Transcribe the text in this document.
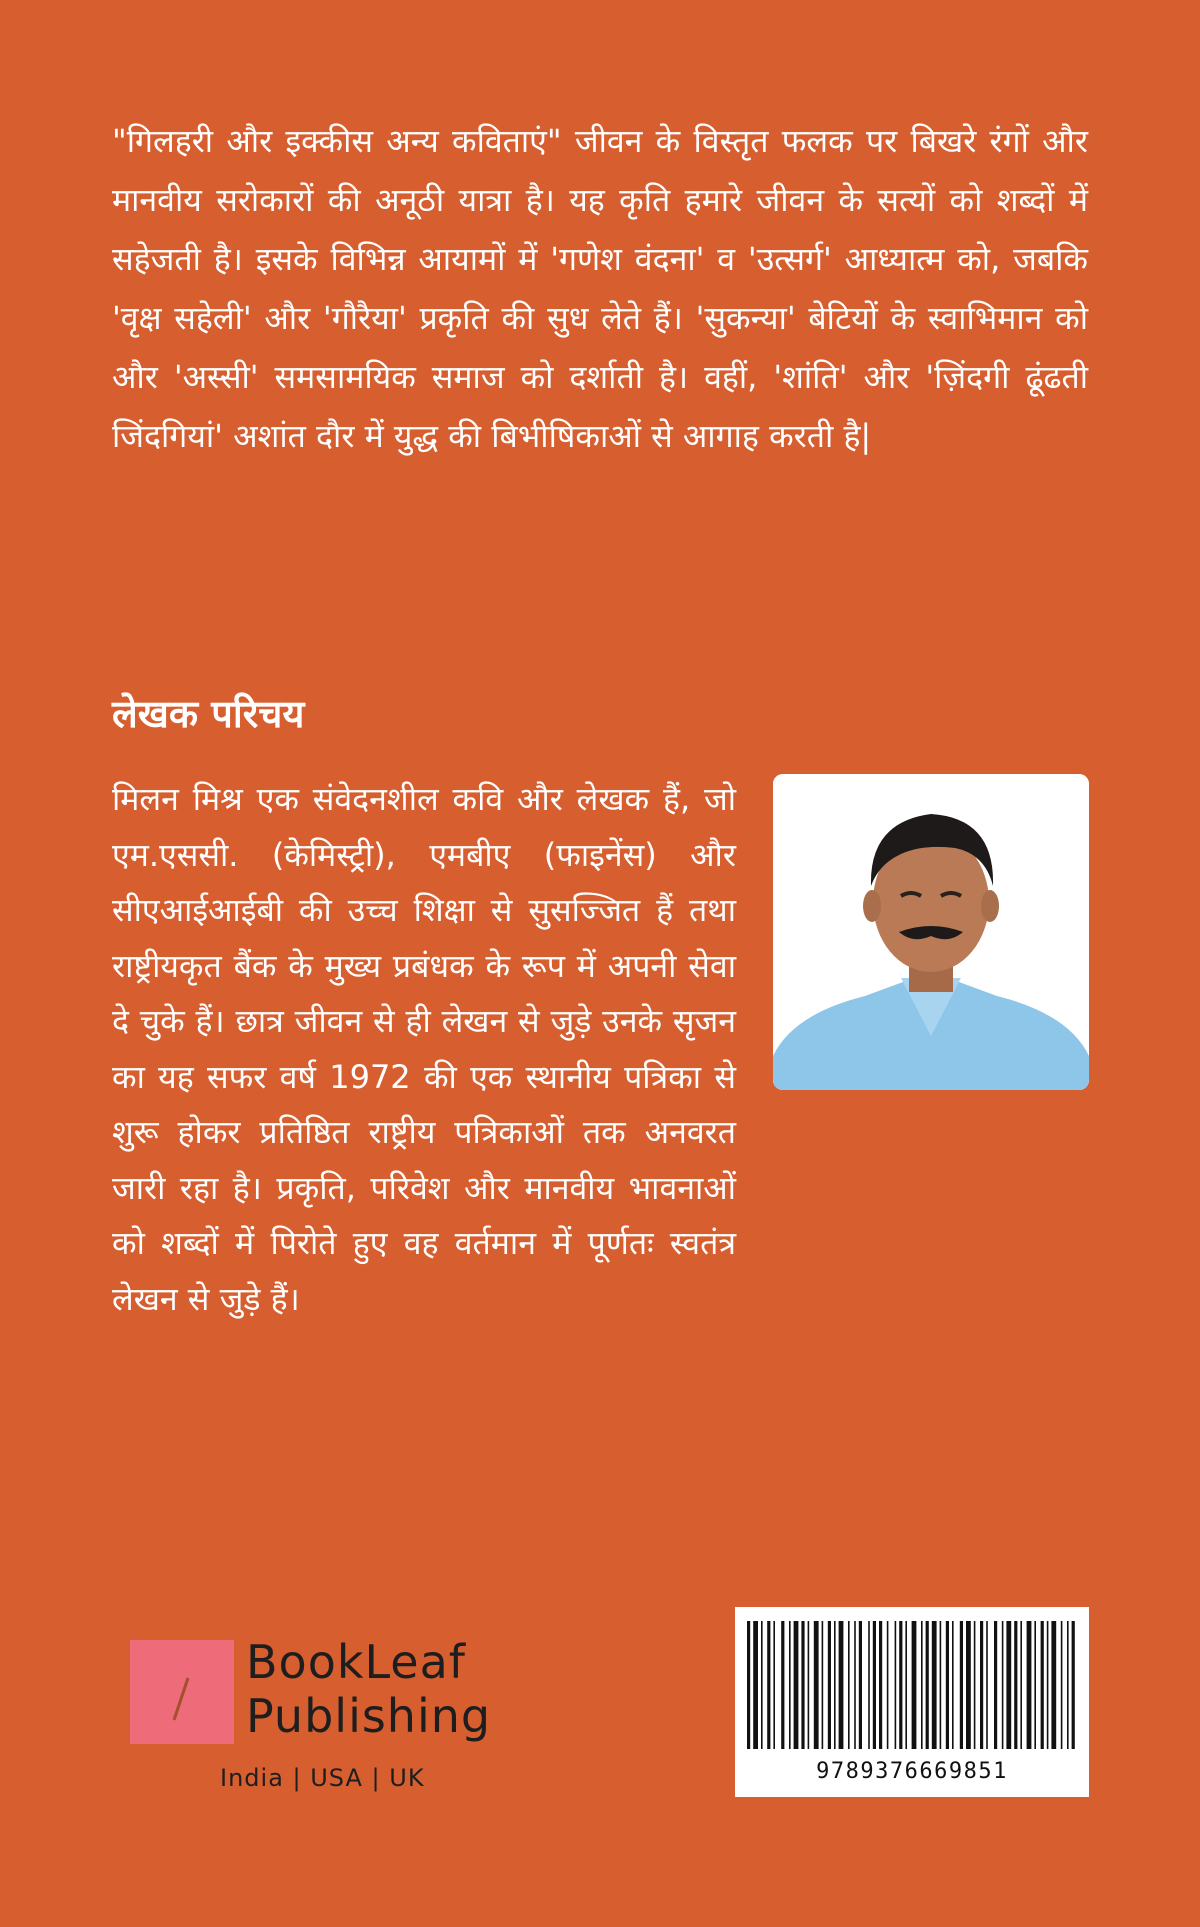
"गिलहरी और इक्कीस अन्य कविताएं" जीवन के विस्तृत फलक पर बिखरे रंगों और मानवीय सरोकारों की अनूठी यात्रा है। यह कृति हमारे जीवन के सत्यों को शब्दों में सहेजती है। इसके विभिन्न आयामों में 'गणेश वंदना' व 'उत्सर्ग' आध्यात्म को, जबकि 'वृक्ष सहेली' और 'गौरैया' प्रकृति की सुध लेते हैं। 'सुकन्या' बेटियों के स्वाभिमान को और 'अस्सी' समसामयिक समाज को दर्शाती है। वहीं, 'शांति' और 'ज़िंदगी ढूंढती जिंदगियां' अशांत दौर में युद्ध की बिभीषिकाओं से आगाह करती है|

लेखक परिचय

मिलन मिश्र एक संवेदनशील कवि और लेखक हैं, जो एम.एससी. (केमिस्ट्री), एमबीए (फाइनेंस) और सीएआईआईबी की उच्च शिक्षा से सुसज्जित हैं तथा राष्ट्रीयकृत बैंक के मुख्य प्रबंधक के रूप में अपनी सेवा दे चुके हैं। छात्र जीवन से ही लेखन से जुड़े उनके सृजन का यह सफर वर्ष 1972 की एक स्थानीय पत्रिका से शुरू होकर प्रतिष्ठित राष्ट्रीय पत्रिकाओं तक अनवरत जारी रहा है। प्रकृति, परिवेश और मानवीय भावनाओं को शब्दों में पिरोते हुए वह वर्तमान में पूर्णतः स्वतंत्र लेखन से जुड़े हैं।

BookLeaf
Publishing
India | USA | UK	9789376669851
